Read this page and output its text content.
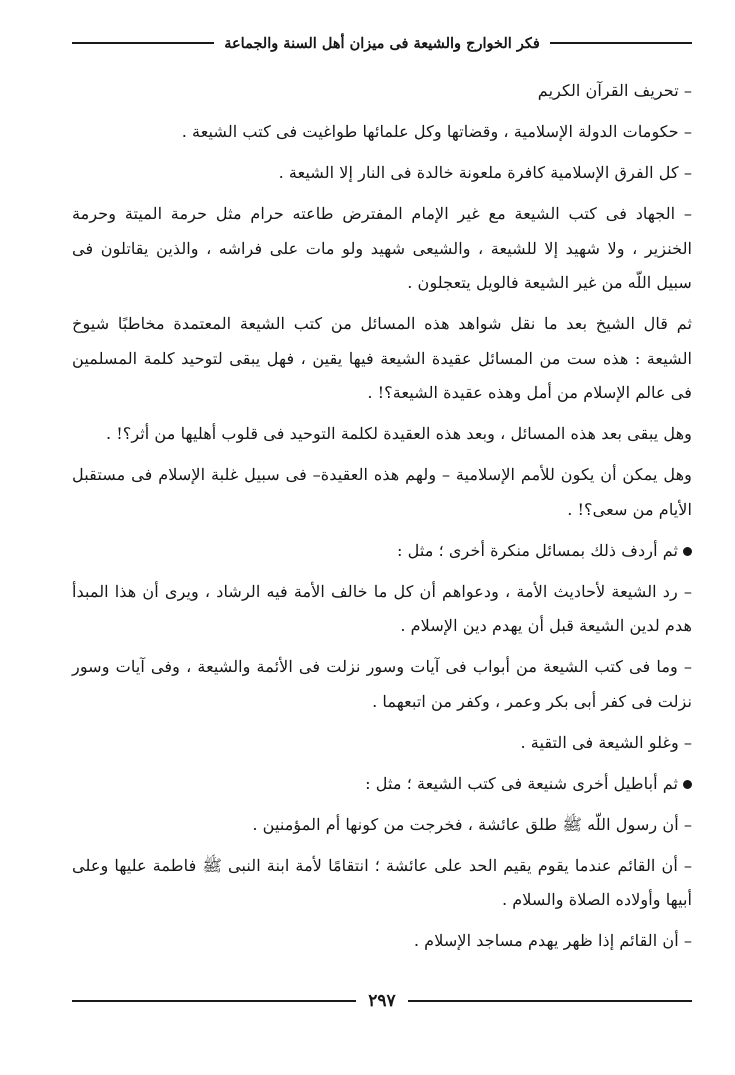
فكر الخوارج والشيعة فى ميزان أهل السنة والجماعة

– تحريف القرآن الكريم

– حكومات الدولة الإسلامية ، وقضاتها وكل علمائها طواغيت فى كتب الشيعة .

– كل الفرق الإسلامية كافرة ملعونة خالدة فى النار إلا الشيعة .

– الجهاد فى كتب الشيعة مع غير الإمام المفترض طاعته حرام مثل حرمة الميتة وحرمة الخنزير ، ولا شهيد إلا للشيعة ، والشيعى شهيد ولو مات على فراشه ، والذين يقاتلون فى سبيل اللّه من غير الشيعة فالويل يتعجلون .

ثم قال الشيخ بعد ما نقل شواهد هذه المسائل من كتب الشيعة المعتمدة مخاطبًا شيوخ الشيعة : هذه ست من المسائل عقيدة الشيعة فيها يقين ، فهل يبقى لتوحيد كلمة المسلمين فى عالم الإسلام من أمل وهذه عقيدة الشيعة؟! .

وهل يبقى بعد هذه المسائل ، وبعد هذه العقيدة لكلمة التوحيد فى قلوب أهليها من أثر؟! .

وهل يمكن أن يكون للأمم الإسلامية – ولهم هذه العقيدة– فى سبيل غلبة الإسلام فى مستقبل الأيام من سعى؟! .

ثم أردف ذلك بمسائل منكرة أخرى ؛ مثل :

– رد الشيعة لأحاديث الأمة ، ودعواهم أن كل ما خالف الأمة فيه الرشاد ، ويرى أن هذا المبدأ هدم لدين الشيعة قبل أن يهدم دين الإسلام .

– وما فى كتب الشيعة من أبواب فى آيات وسور نزلت فى الأئمة والشيعة ، وفى آيات وسور نزلت فى كفر أبى بكر وعمر ، وكفر من اتبعهما .

– وغلو الشيعة فى التقية .

ثم أباطيل أخرى شنيعة فى كتب الشيعة ؛ مثل :

– أن رسول اللّه ﷺ طلق عائشة ، فخرجت من كونها أم المؤمنين .

– أن القائم عندما يقوم يقيم الحد على عائشة ؛ انتقامًا لأمة ابنة النبى ﷺ فاطمة عليها وعلى أبيها وأولاده الصلاة والسلام .

– أن القائم إذا ظهر يهدم مساجد الإسلام .

٢٩٧
